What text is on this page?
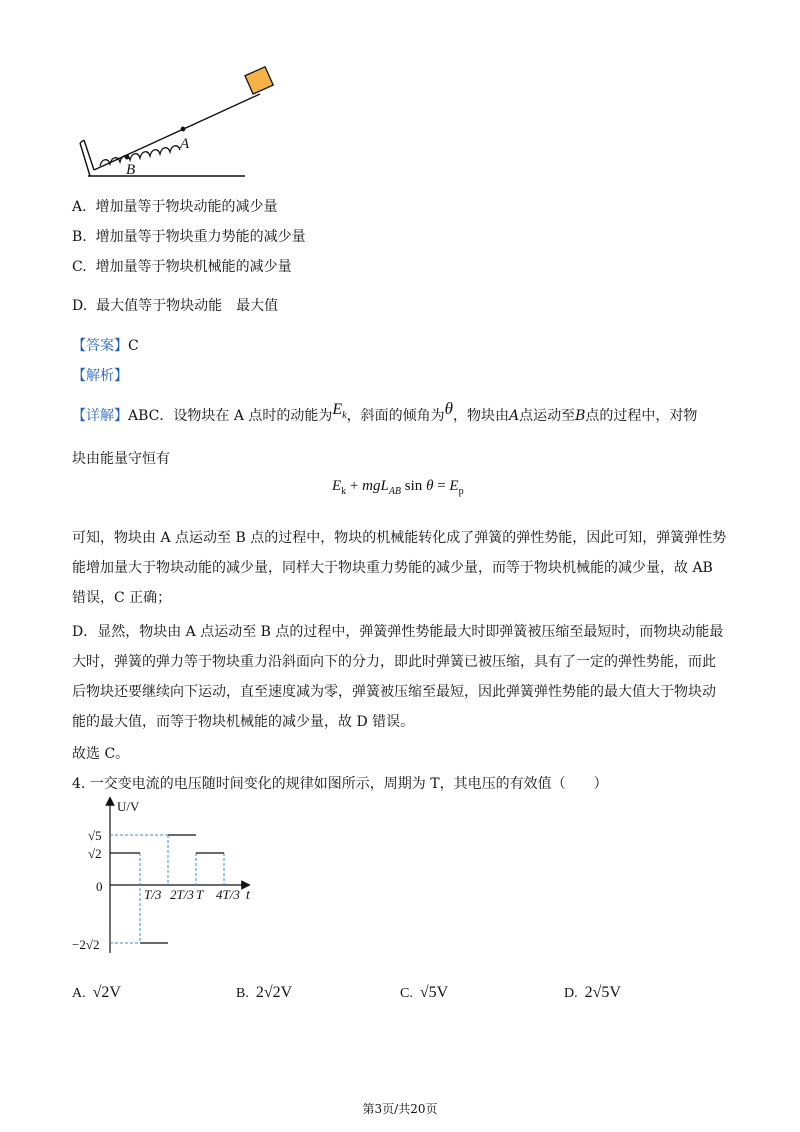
A
B
A. 增加量等于物块动能的减少量
B. 增加量等于物块重力势能的减少量
C. 增加量等于物块机械能的减少量
D. 最大值等于物块动能　最大值
【答案】C
【解析】
【详解】ABC．设物块在 A 点时的动能为$E_k$，斜面的倾角为θ，物块由A点运动至B点的过程中，对物
块由能量守恒有
$E_k + mgL_{AB}$ $\sin \theta = E_p$
可知，物块由 A 点运动至 B 点的过程中，物块的机械能转化成了弹簧的弹性势能，因此可知，弹簧弹性势
能增加量大于物块动能的减少量，同样大于物块重力势能的减少量，而等于物块机械能的减少量，故 AB
错误，C 正确；
D．显然，物块由 A 点运动至 B 点的过程中，弹簧弹性势能最大时即弹簧被压缩至最短时，而物块动能最
大时，弹簧的弹力等于物块重力沿斜面向下的分力，即此时弹簧已被压缩，具有了一定的弹性势能，而此
后物块还要继续向下运动，直至速度减为零，弹簧被压缩至最短，因此弹簧弹性势能的最大值大于物块动
能的最大值，而等于物块机械能的减少量，故 D 错误。
故选 C。
4. 一交变电流的电压随时间变化的规律如图所示，周期为 T，其电压的有效值（　　）
U/V
t
0
√5
√2
−2√2
T/3 2T/3 T 4T/3
A. √2V	B. 2√2V	C. √5V	D. 2√5V
第3页/共20页
